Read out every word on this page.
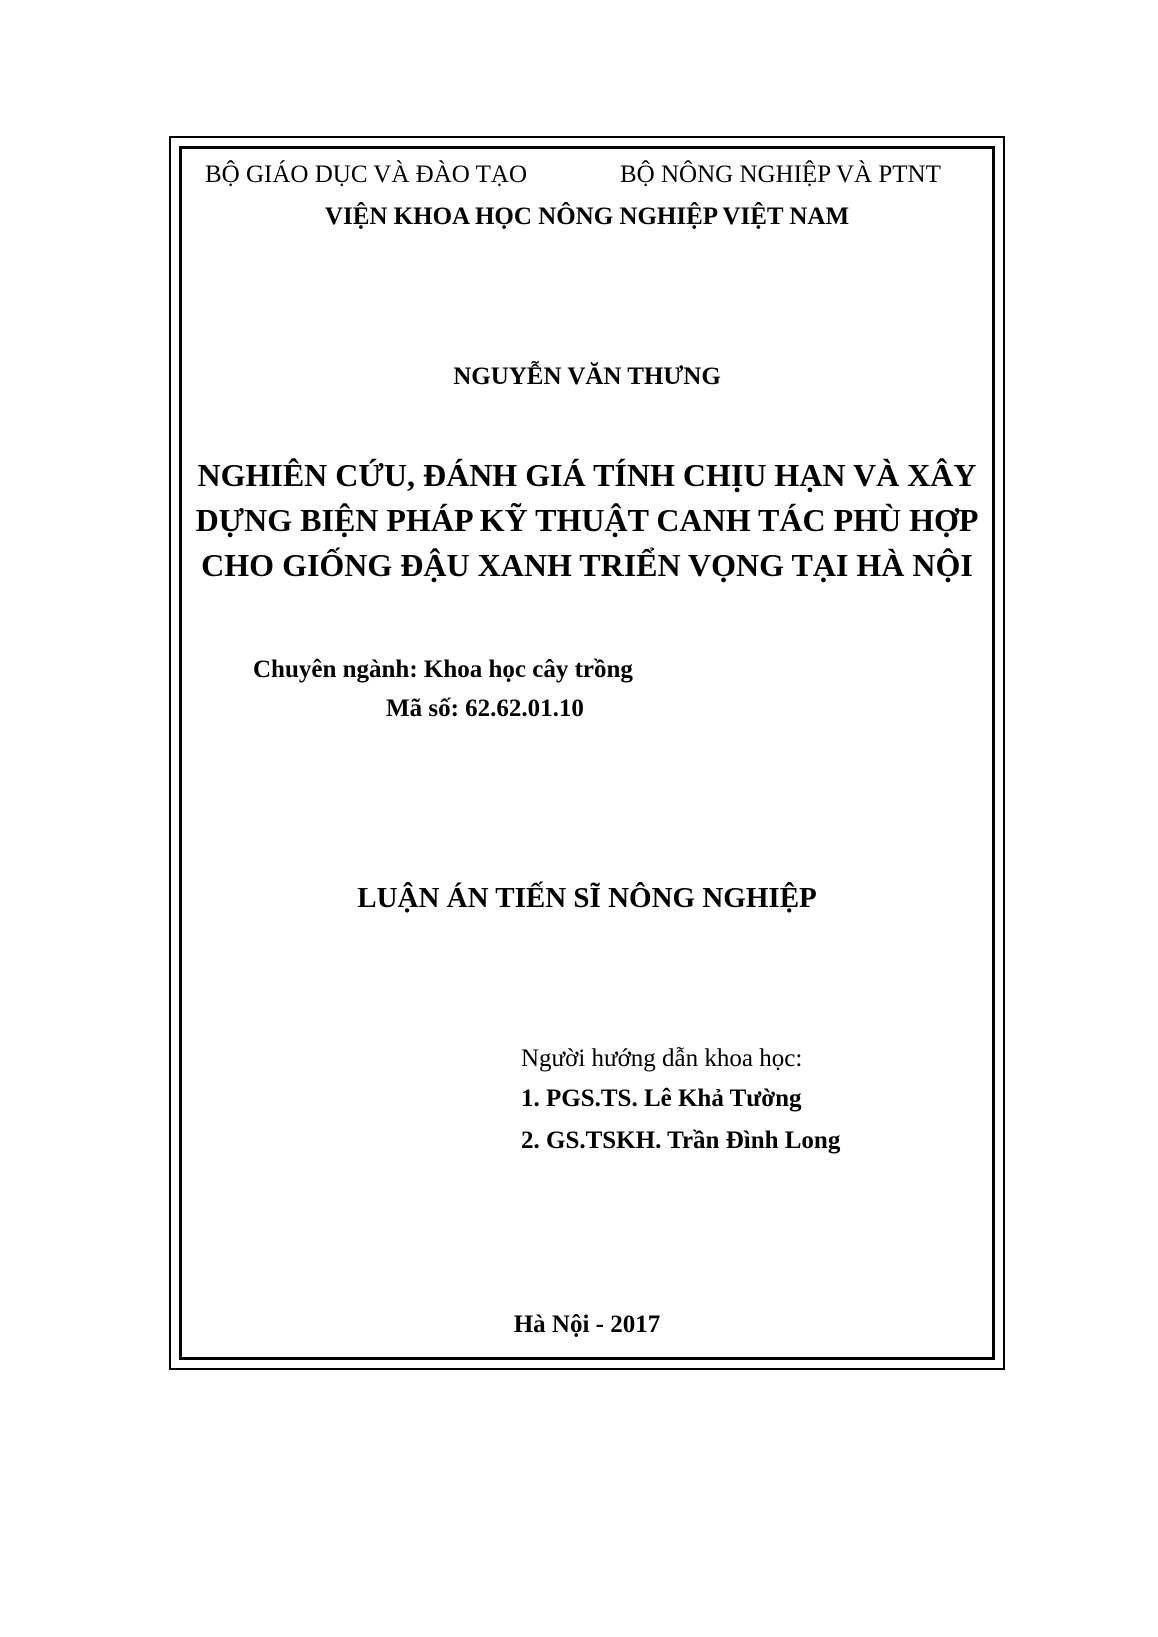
BỘ GIÁO DỤC VÀ ĐÀO TẠO	BỘ NÔNG NGHIỆP VÀ PTNT
VIỆN KHOA HỌC NÔNG NGHIỆP VIỆT NAM
NGUYỄN VĂN THƯNG
NGHIÊN CỨU, ĐÁNH GIÁ TÍNH CHỊU HẠN VÀ XÂY
DỰNG BIỆN PHÁP KỸ THUẬT CANH TÁC PHÙ HỢP
CHO GIỐNG ĐẬU XANH TRIỂN VỌNG TẠI HÀ NỘI
Chuyên ngành: Khoa học cây trồng
Mã số: 62.62.01.10
LUẬN ÁN TIẾN SĨ NÔNG NGHIỆP
Người hướng dẫn khoa học:
1. PGS.TS. Lê Khả Tường
2. GS.TSKH. Trần Đình Long
Hà Nội - 2017
